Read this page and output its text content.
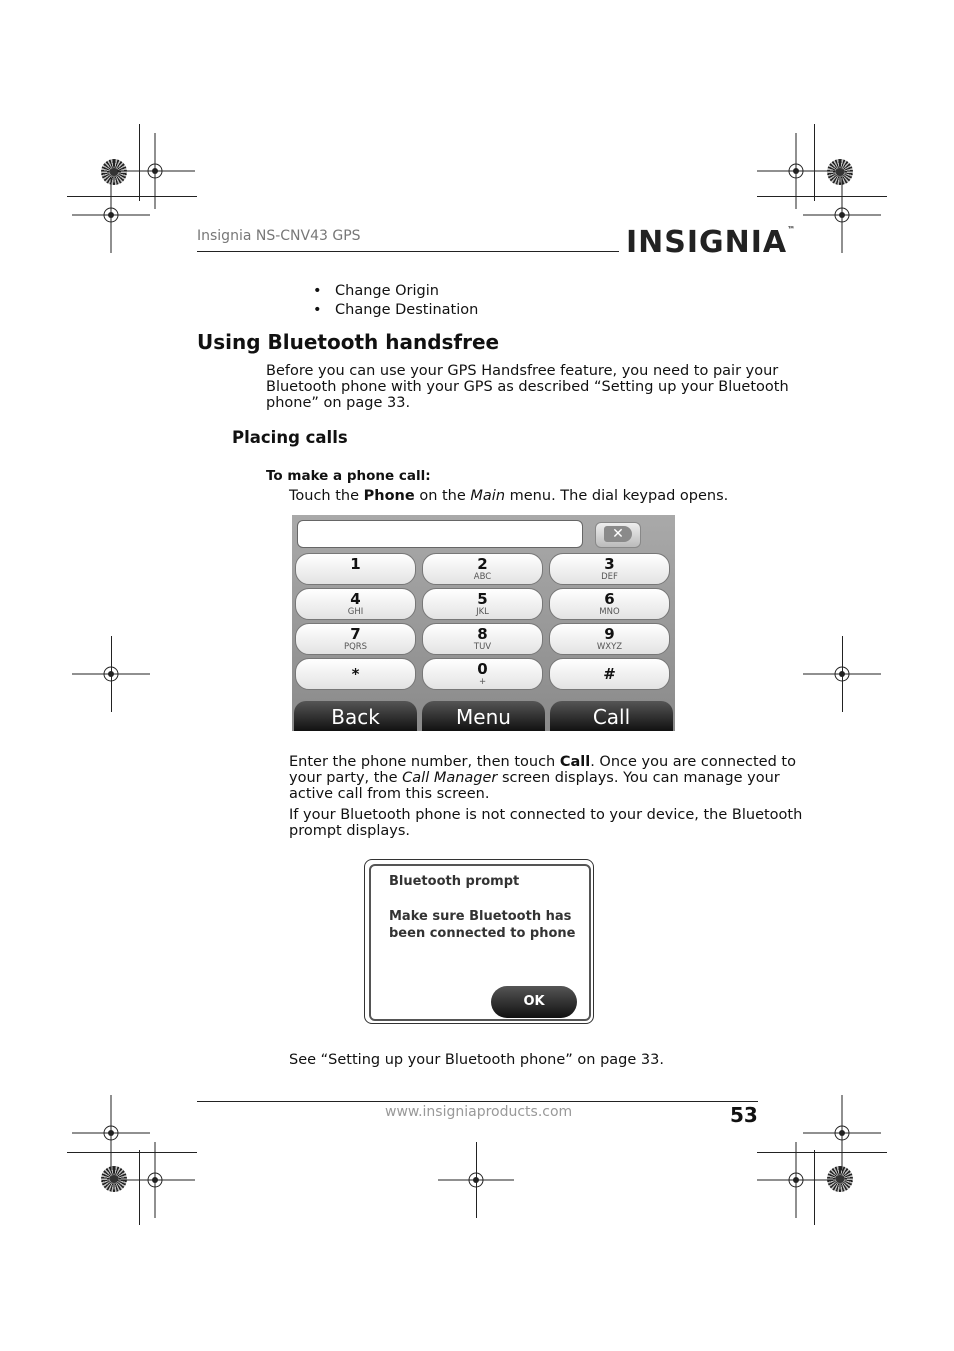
Insignia NS-CNV43 GPS	INSIGNIA™
• Change Origin
• Change Destination
Using Bluetooth handsfree
Before you can use your GPS Handsfree feature, you need to pair your
Bluetooth phone with your GPS as described “Setting up your Bluetooth
phone” on page 33.
Placing calls
To make a phone call:
Touch the Phone on the Main menu. The dial keypad opens.
✕
1	2
ABC
3
DEF
4
GHI
5
JKL
6
MNO
7
PQRS
8
TUV
9
WXYZ
*	0
+	#
Back	Menu	Call
Enter the phone number, then touch Call. Once you are connected to
your party, the Call Manager screen displays. You can manage your
active call from this screen.
If your Bluetooth phone is not connected to your device, the Bluetooth
prompt displays.
Bluetooth prompt
Make sure Bluetooth has
been connected to phone
OK
See “Setting up your Bluetooth phone” on page 33.
www.insigniaproducts.com	53
